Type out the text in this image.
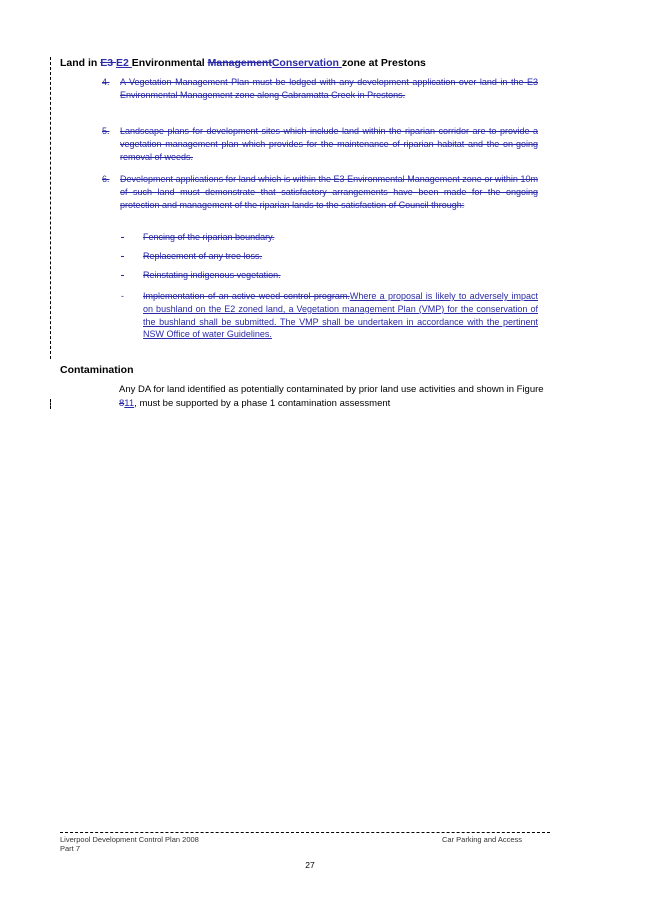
Land in E3 E2 Environmental ManagementConservation zone at Prestons
4. A Vegetation Management Plan must be lodged with any development application over land in the E3 Environmental Management zone along Cabramatta Creek in Prestons.
5. Landscape plans for development sites which include land within the riparian corridor are to provide a vegetation management plan which provides for the maintenance of riparian habitat and the on-going removal of weeds.
6. Development applications for land which is within the E3 Environmental Management zone or within 10m of such land must demonstrate that satisfactory arrangements have been made for the ongoing protection and management of the riparian lands to the satisfaction of Council through:
- Fencing of the riparian boundary.
- Replacement of any tree loss.
- Reinstating indigenous vegetation.
- Implementation of an active weed control program.Where a proposal is likely to adversely impact on bushland on the E2 zoned land, a Vegetation management Plan (VMP) for the conservation of the bushland shall be submitted. The VMP shall be undertaken in accordance with the pertinent NSW Office of water Guidelines.
Contamination
Any DA for land identified as potentially contaminated by prior land use activities and shown in Figure 811, must be supported by a phase 1 contamination assessment
Liverpool Development Control Plan 2008
Part 7
Car Parking and Access
27
